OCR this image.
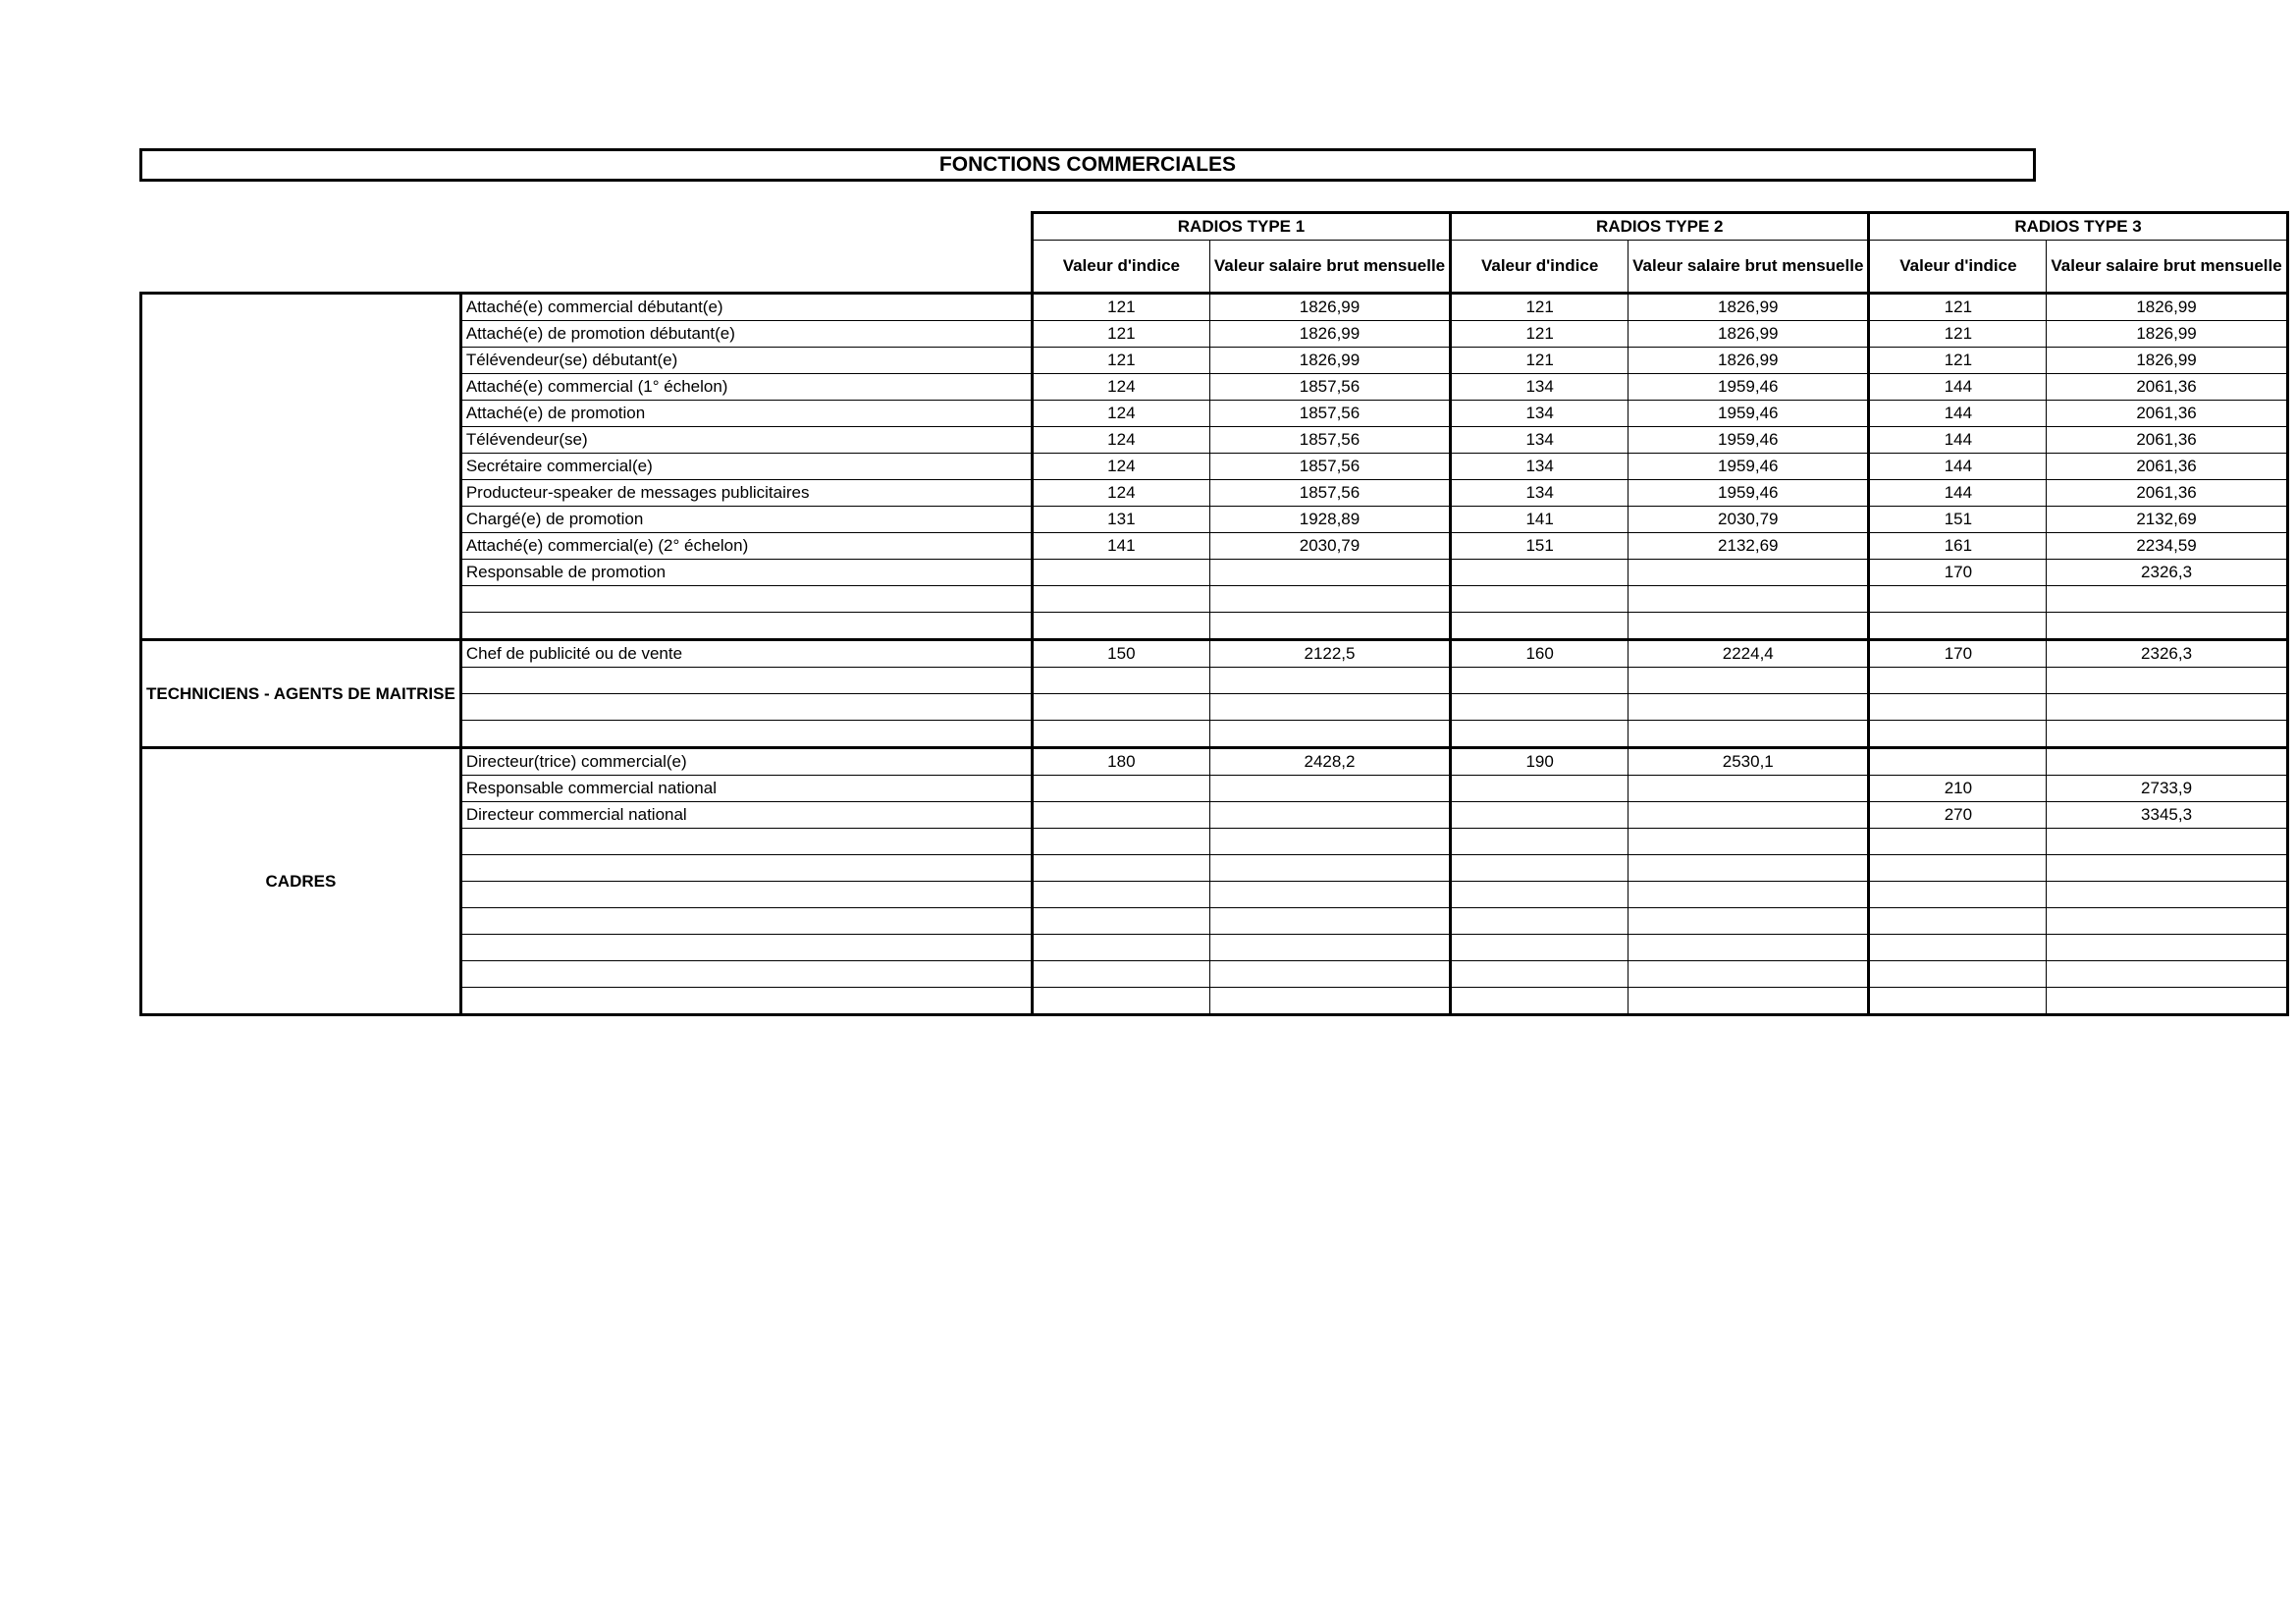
FONCTIONS COMMERCIALES
		RADIOS TYPE 1		RADIOS TYPE 2		RADIOS TYPE 3	
		Valeur d'indice	Valeur salaire brut mensuelle	Valeur d'indice	Valeur salaire brut mensuelle	Valeur d'indice	Valeur salaire brut mensuelle
	Attaché(e) commercial débutant(e)	121	1826,99	121	1826,99	121	1826,99
	Attaché(e) de promotion débutant(e)	121	1826,99	121	1826,99	121	1826,99
	Télévendeur(se) débutant(e)	121	1826,99	121	1826,99	121	1826,99
	Attaché(e) commercial (1° échelon)	124	1857,56	134	1959,46	144	2061,36
	Attaché(e) de promotion	124	1857,56	134	1959,46	144	2061,36
	Télévendeur(se)	124	1857,56	134	1959,46	144	2061,36
	Secrétaire commercial(e)	124	1857,56	134	1959,46	144	2061,36
	Producteur-speaker de messages publicitaires	124	1857,56	134	1959,46	144	2061,36
	Chargé(e) de promotion	131	1928,89	141	2030,79	151	2132,69
	Attaché(e) commercial(e) (2° échelon)	141	2030,79	151	2132,69	161	2234,59
	Responsable de promotion					170	2326,3

TECHNICIENS - AGENTS DE MAITRISE	Chef de publicité ou de vente	150	2122,5	160	2224,4	170	2326,3

CADRES	Directeur(trice) commercial(e)	180	2428,2	190	2530,1		
	Responsable commercial national					210	2733,9
	Directeur commercial national					270	3345,3
